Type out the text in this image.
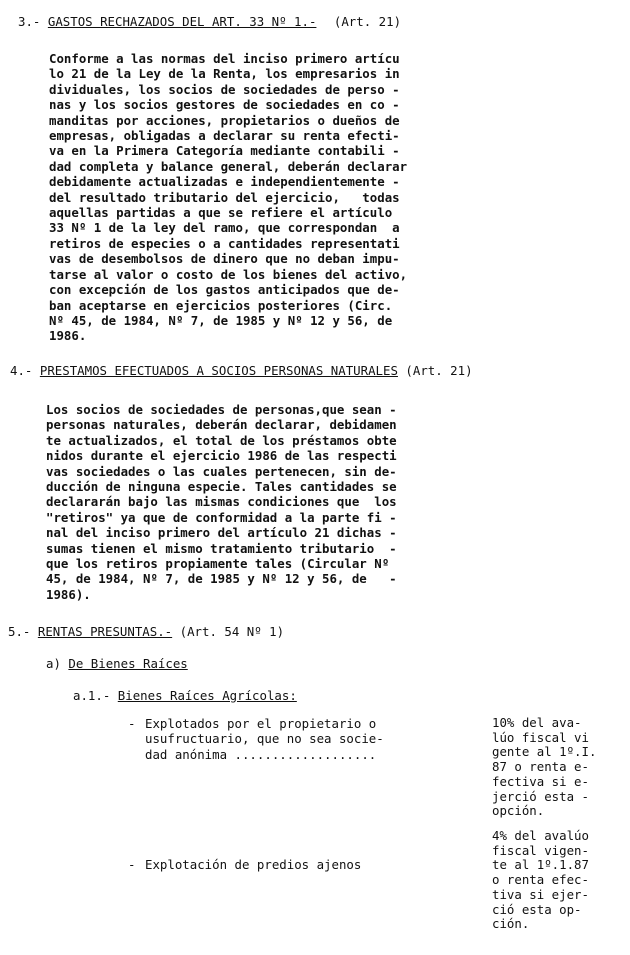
3.- GASTOS RECHAZADOS DEL ART. 33 Nº 1.- (Art. 21)
Conforme a las normas del inciso primero artícu
lo 21 de la Ley de la Renta, los empresarios in
dividuales, los socios de sociedades de perso -
nas y los socios gestores de sociedades en co -
manditas por acciones, propietarios o dueños de
empresas, obligadas a declarar su renta efecti-
va en la Primera Categoría mediante contabili -
dad completa y balance general, deberán declarar
debidamente actualizadas e independientemente -
del resultado tributario del ejercicio,   todas
aquellas partidas a que se refiere el artículo
33 Nº 1 de la ley del ramo, que correspondan  a
retiros de especies o a cantidades representati
vas de desembolsos de dinero que no deban impu-
tarse al valor o costo de los bienes del activo,
con excepción de los gastos anticipados que de-
ban aceptarse en ejercicios posteriores (Circ.
Nº 45, de 1984, Nº 7, de 1985 y Nº 12 y 56, de
1986.
4.- PRESTAMOS EFECTUADOS A SOCIOS PERSONAS NATURALES (Art. 21)
Los socios de sociedades de personas,que sean -
personas naturales, deberán declarar, debidamen
te actualizados, el total de los préstamos obte
nidos durante el ejercicio 1986 de las respecti
vas sociedades o las cuales pertenecen, sin de-
ducción de ninguna especie. Tales cantidades se
declararán bajo las mismas condiciones que  los
"retiros" ya que de conformidad a la parte fi -
nal del inciso primero del artículo 21 dichas -
sumas tienen el mismo tratamiento tributario  -
que los retiros propiamente tales (Circular Nº
45, de 1984, Nº 7, de 1985 y Nº 12 y 56, de   -
1986).
5.- RENTAS PRESUNTAS.- (Art. 54 Nº 1)
a) De Bienes Raíces
a.1.- Bienes Raíces Agrícolas:
- Explotados por el propietario o
usufructuario, que no sea socie-
dad anónima ...................
10% del ava-
lúo fiscal vi
gente al 1º.I.
87 o renta e-
fectiva si e-
jerció esta -
opción.
- Explotación de predios ajenos
4% del avalúo
fiscal vigen-
te al 1º.1.87
o renta efec-
tiva si ejer-
ció esta op-
ción.
